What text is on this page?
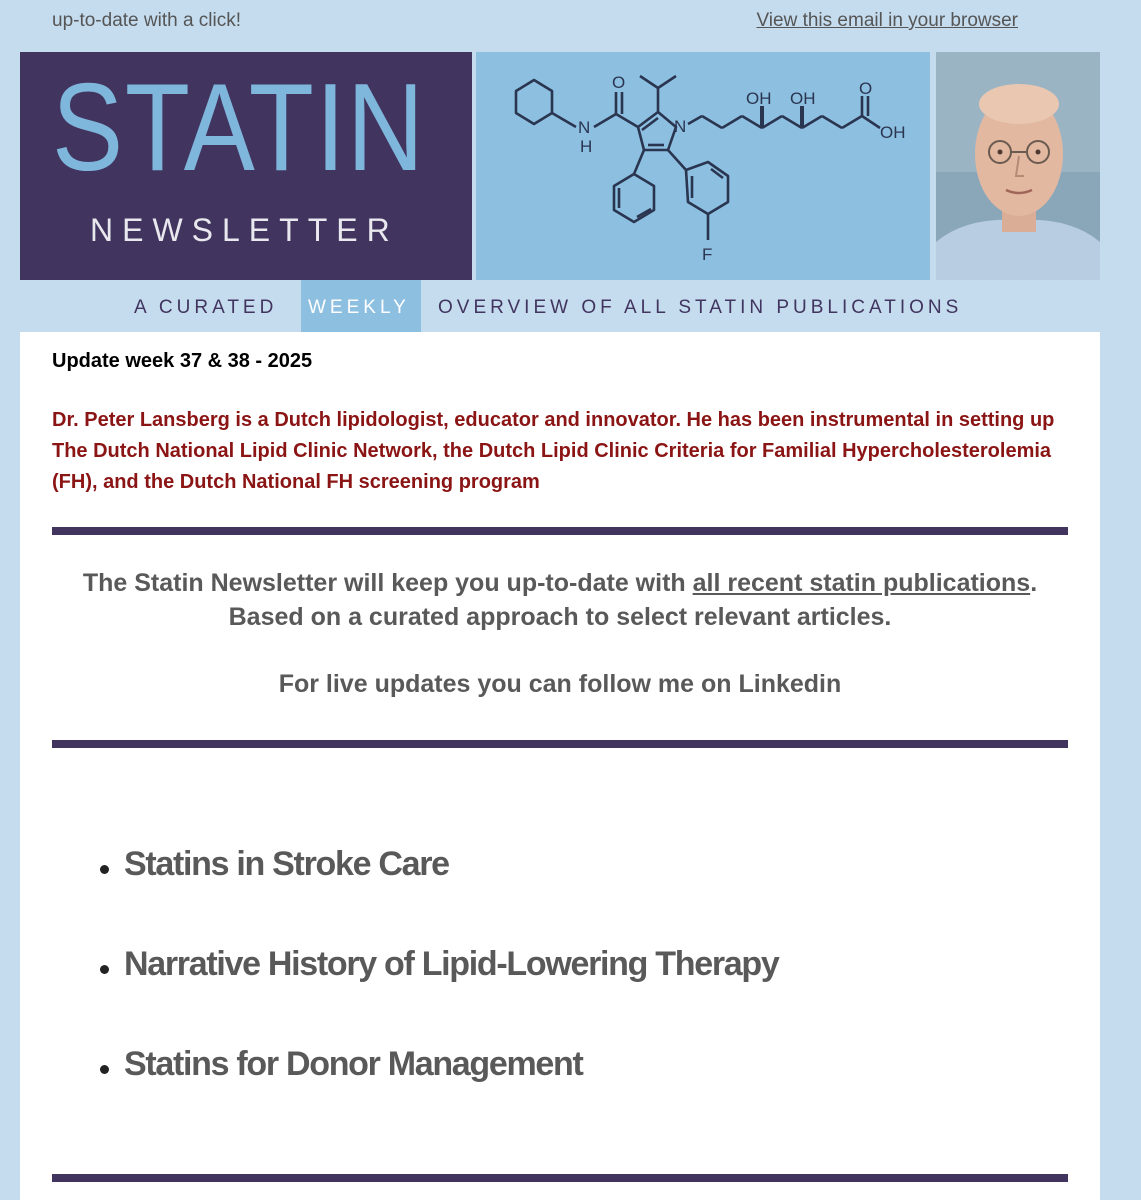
up-to-date with a click!	View this email in your browser
STATIN
NEWSLETTER
O
N
H
N
OH OH
O
OH
F
A CURATED WEEKLY OVERVIEW OF ALL STATIN PUBLICATIONS
Update week 37 & 38 - 2025
Dr. Peter Lansberg is a Dutch lipidologist, educator and innovator. He has been instrumental in setting up The Dutch National Lipid Clinic Network, the Dutch Lipid Clinic Criteria for Familial Hypercholesterolemia (FH), and the Dutch National FH screening program
The Statin Newsletter will keep you up-to-date with all recent statin publications. Based on a curated approach to select relevant articles.
For live updates you can follow me on Linkedin
Statins in Stroke Care
Narrative History of Lipid-Lowering Therapy
Statins for Donor Management
